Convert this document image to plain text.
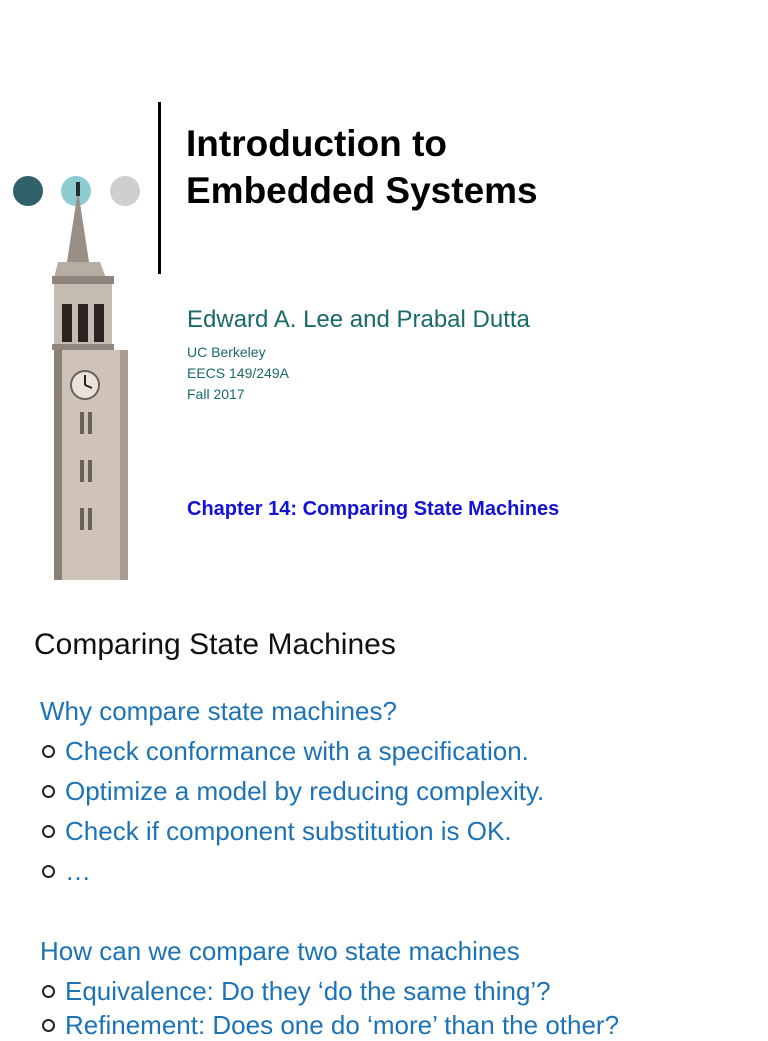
Introduction to
Embedded Systems
Edward A. Lee and Prabal Dutta
UC Berkeley
EECS 149/249A
Fall 2017
Chapter 14: Comparing State Machines
Comparing State Machines
Why compare state machines?
Check conformance with a specification.
Optimize a model by reducing complexity.
Check if component substitution is OK.
…
How can we compare two state machines
Equivalence: Do they ‘do the same thing’?
Refinement: Does one do ‘more’ than the other?
